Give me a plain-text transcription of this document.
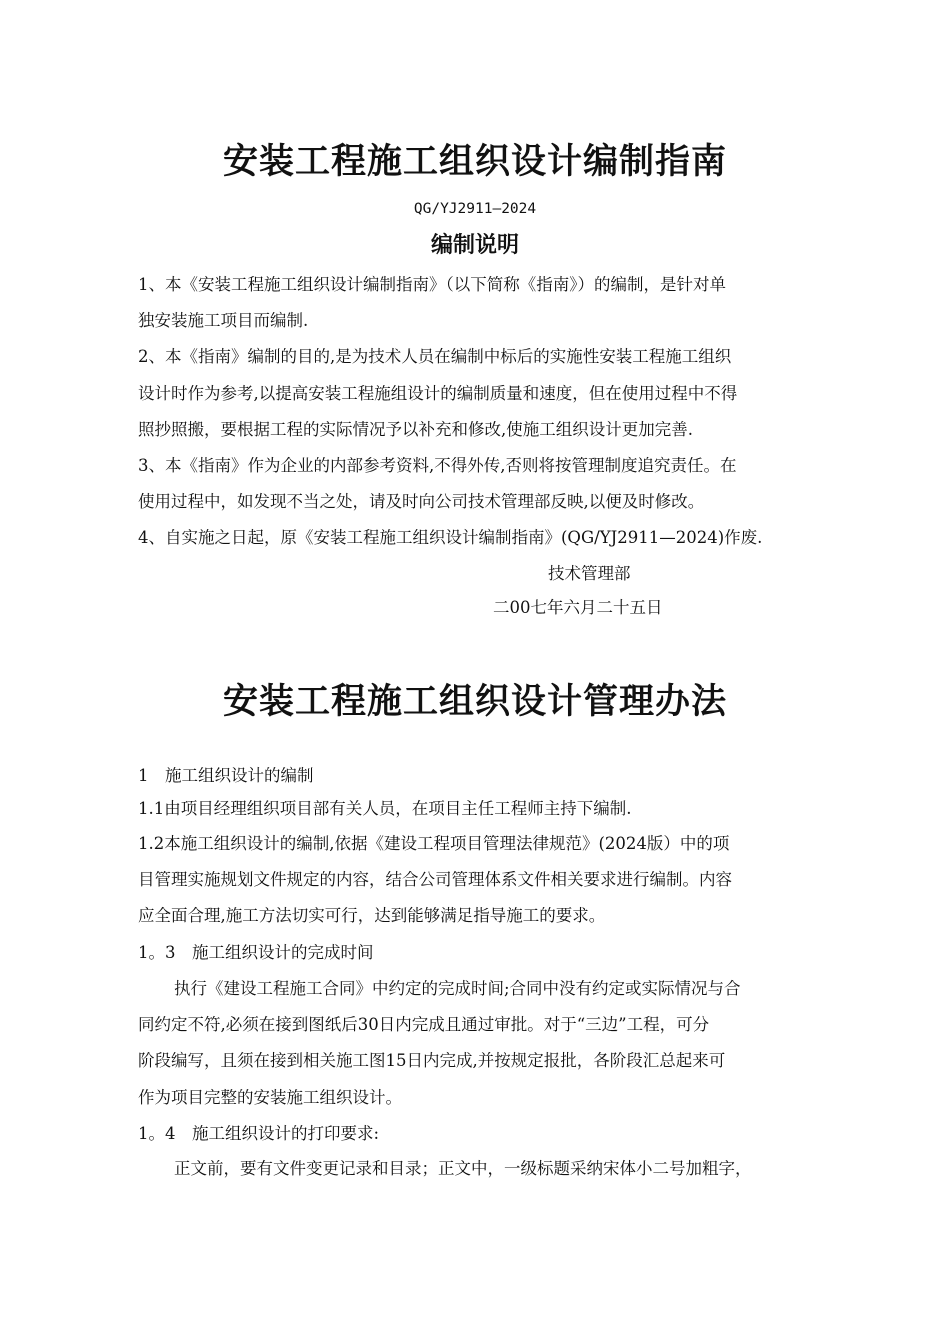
安装工程施工组织设计编制指南
QG/YJ2911—2024
编制说明
1、本《安装工程施工组织设计编制指南》（以下简称《指南》）的编制，是针对单
独安装施工项目而编制.
2、本《指南》编制的目的,是为技术人员在编制中标后的实施性安装工程施工组织
设计时作为参考,以提高安装工程施组设计的编制质量和速度，但在使用过程中不得
照抄照搬，要根据工程的实际情况予以补充和修改,使施工组织设计更加完善.
3、本《指南》作为企业的内部参考资料,不得外传,否则将按管理制度追究责任。在
使用过程中，如发现不当之处，请及时向公司技术管理部反映,以便及时修改。
4、自实施之日起，原《安装工程施工组织设计编制指南》(QG/YJ2911—2024)作废.
技术管理部
二00七年六月二十五日
安装工程施工组织设计管理办法
1　施工组织设计的编制
1.1由项目经理组织项目部有关人员，在项目主任工程师主持下编制.
1.2本施工组织设计的编制,依据《建设工程项目管理法律规范》(2024版）中的项
目管理实施规划文件规定的内容，结合公司管理体系文件相关要求进行编制。内容
应全面合理,施工方法切实可行，达到能够满足指导施工的要求。
1。3　施工组织设计的完成时间
执行《建设工程施工合同》中约定的完成时间;合同中没有约定或实际情况与合
同约定不符,必须在接到图纸后30日内完成且通过审批。对于“三边”工程，可分
阶段编写，且须在接到相关施工图15日内完成,并按规定报批，各阶段汇总起来可
作为项目完整的安装施工组织设计。
1。4　施工组织设计的打印要求:
正文前，要有文件变更记录和目录；正文中，一级标题采纳宋体小二号加粗字，
